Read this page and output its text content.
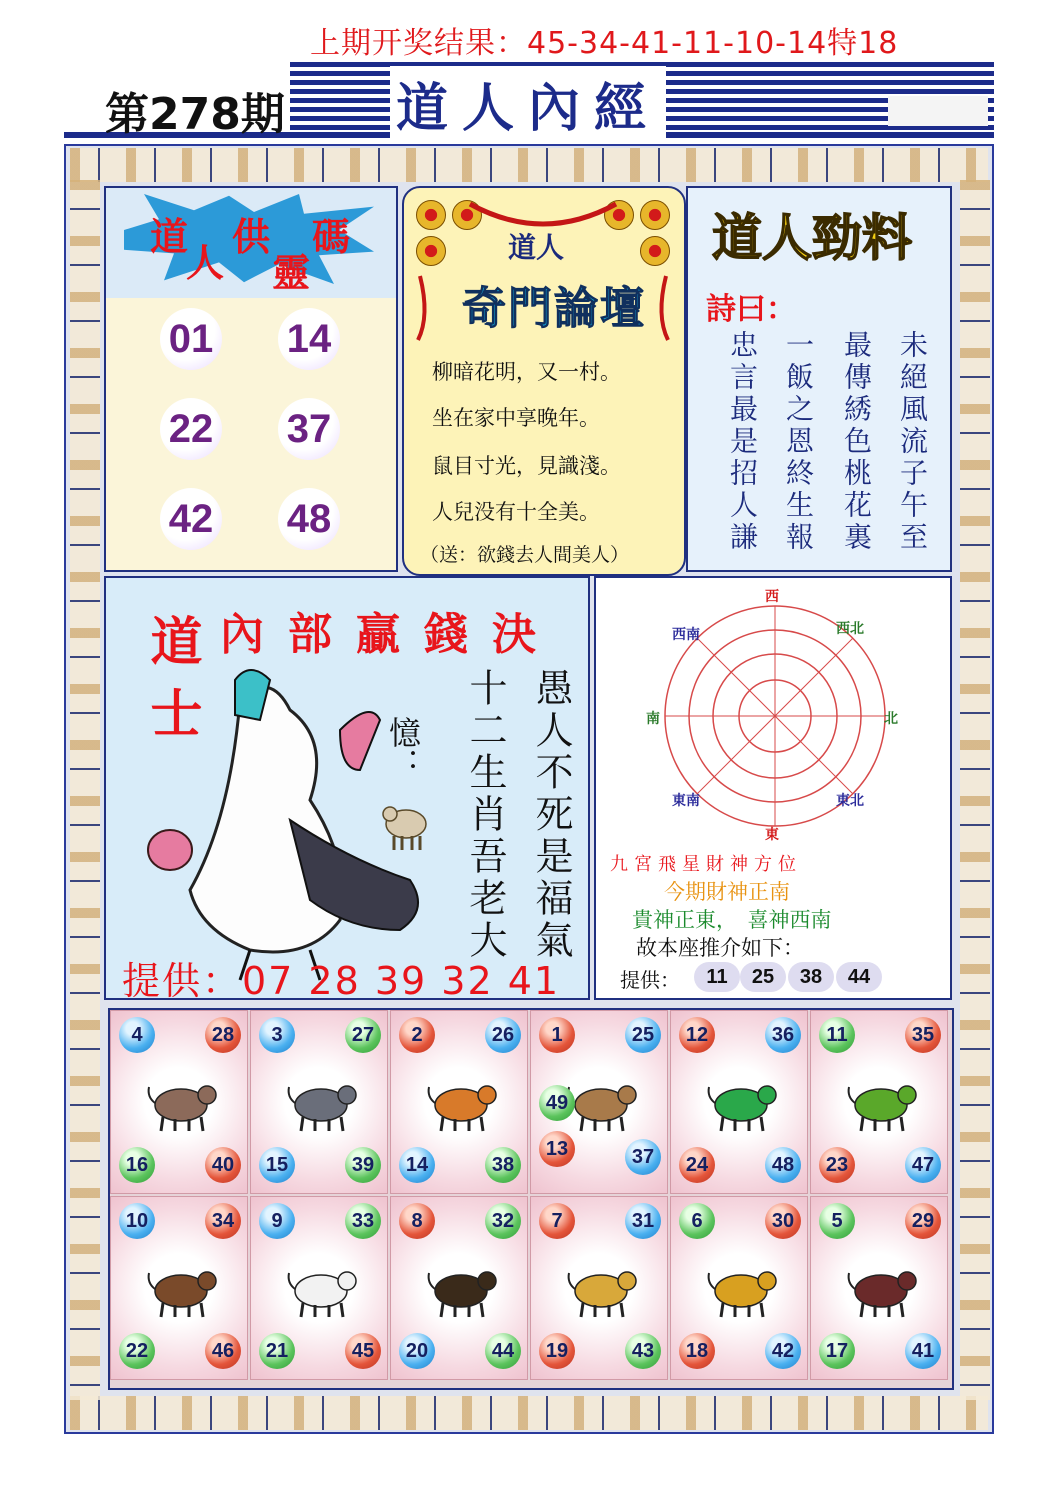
上期开奖结果：45-34-41-11-10-14特18
道人內經
第278期
道
人
供
靈
碼
01 14
22 37
42 48
道人
奇門論壇
柳暗花明，又一村。
坐在家中享晚年。
鼠目寸光，見識淺。
人兒没有十全美。
（送：欲錢去人間美人）
道人勁料
詩曰：
未絕風流子午至
最傳綉色桃花裏
一飯之恩終生報
忠言最是招人謙
內部贏錢決
道士	憶： 十二生肖吾老大 愚人不死是福氣
提供：07 28 39 32 41
西
西北
北
東北
東
東南
南
西南
九宮飛星財神方位
今期財神正南
貴神正東，　喜神西南
故本座推介如下：
提供：	11	25	38	44
4	28
16	40
3	27
15	39
2	26
14	38
1	25
49
13	37
12	36
24	48
11	35
23	47
10	34
22	46
9	33
21	45
8	32
20	44
7	31
19	43
6	30
18	42
5	29
17	41
